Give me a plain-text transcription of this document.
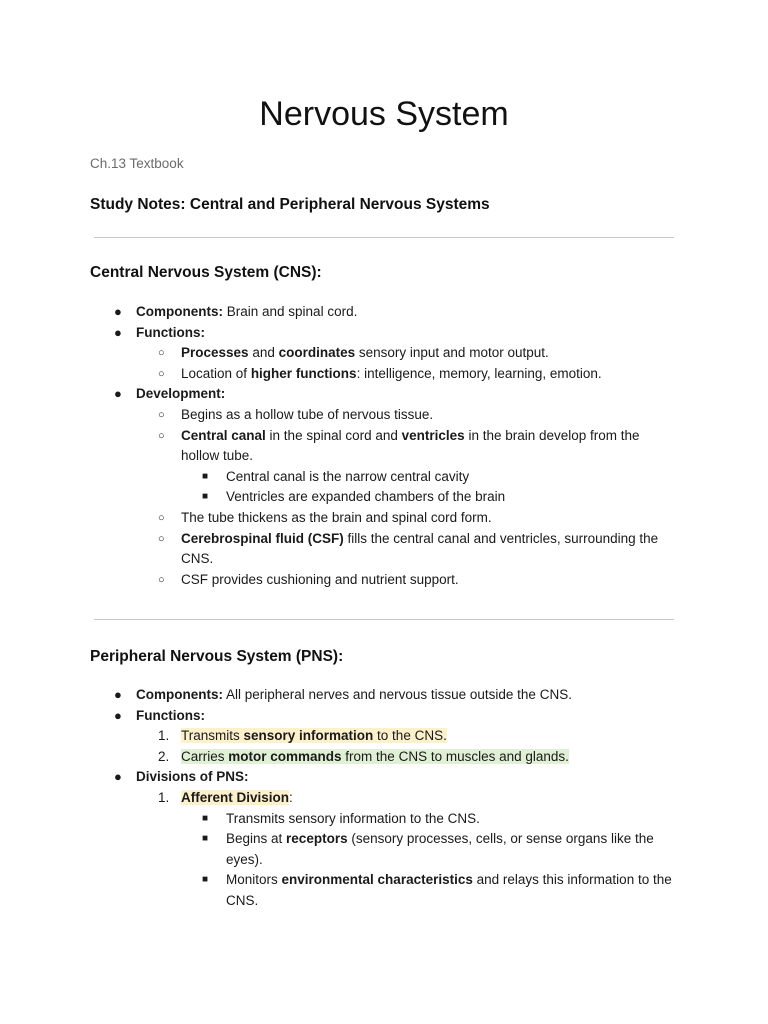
Nervous System
Ch.13 Textbook
Study Notes: Central and Peripheral Nervous Systems
Central Nervous System (CNS):
● Components: Brain and spinal cord.
● Functions:
○ Processes and coordinates sensory input and motor output.
○ Location of higher functions: intelligence, memory, learning, emotion.
● Development:
○ Begins as a hollow tube of nervous tissue.
○ Central canal in the spinal cord and ventricles in the brain develop from the hollow tube.
■ Central canal is the narrow central cavity
■ Ventricles are expanded chambers of the brain
○ The tube thickens as the brain and spinal cord form.
○ Cerebrospinal fluid (CSF) fills the central canal and ventricles, surrounding the CNS.
○ CSF provides cushioning and nutrient support.
Peripheral Nervous System (PNS):
● Components: All peripheral nerves and nervous tissue outside the CNS.
● Functions:
1. Transmits sensory information to the CNS.
2. Carries motor commands from the CNS to muscles and glands.
● Divisions of PNS:
1. Afferent Division:
■ Transmits sensory information to the CNS.
■ Begins at receptors (sensory processes, cells, or sense organs like the eyes).
■ Monitors environmental characteristics and relays this information to the CNS.
